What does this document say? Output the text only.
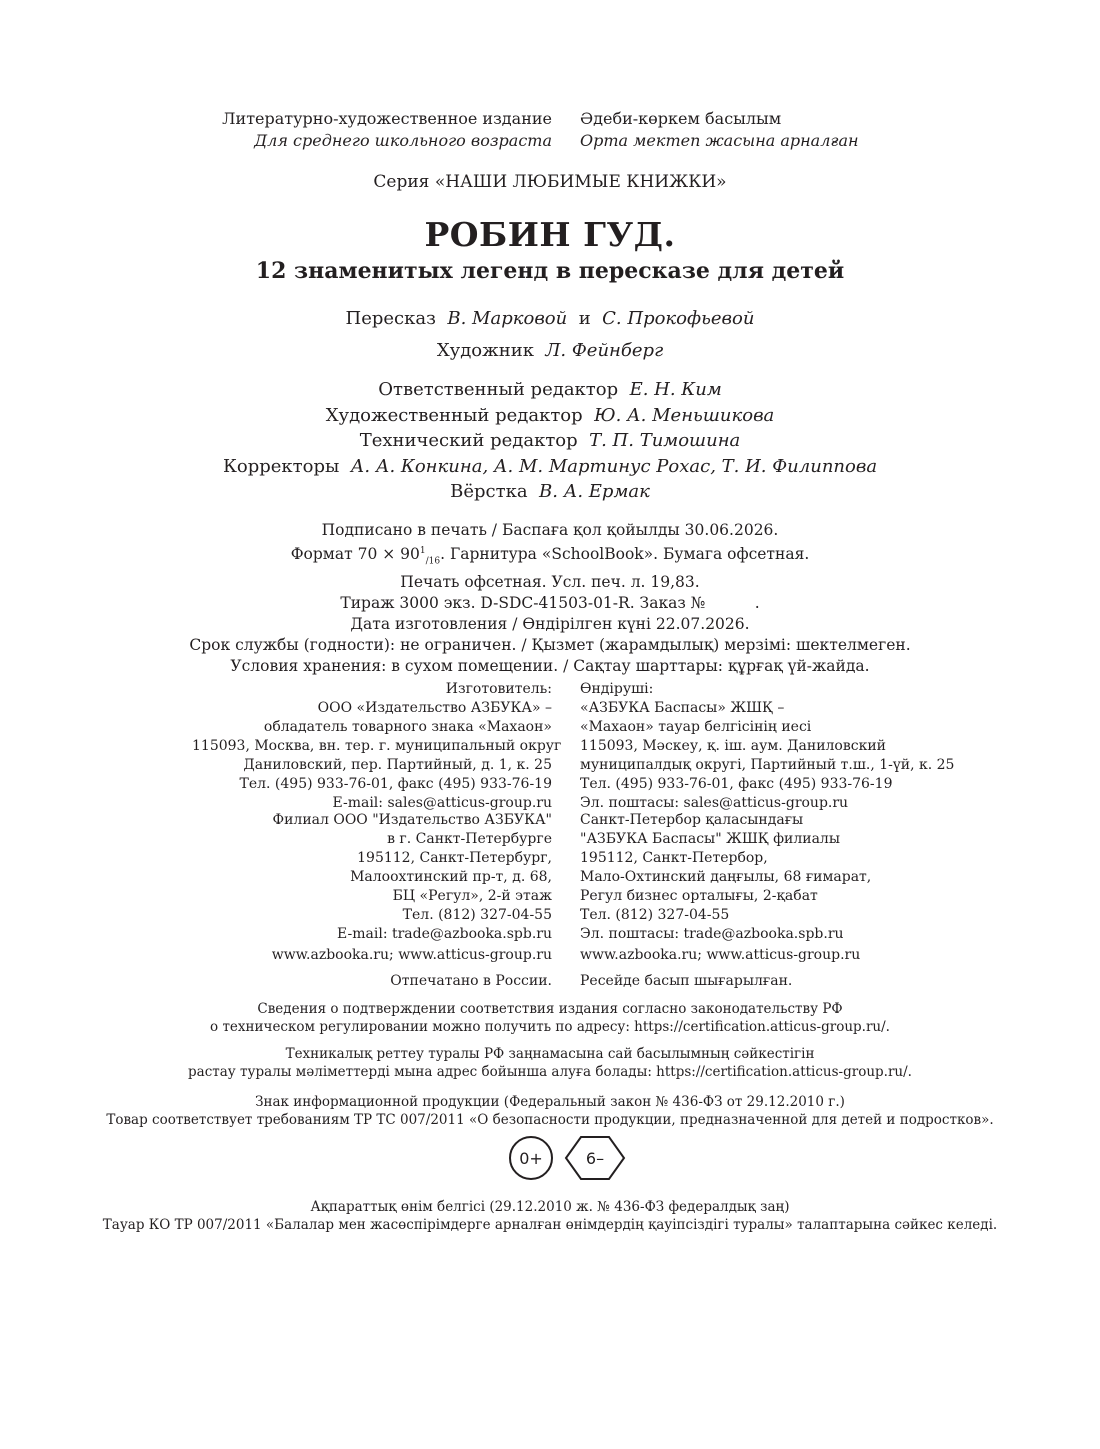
Литературно-художественное издание
Для среднего школьного возраста
Әдеби-көркем басылым
Орта мектеп жасына арналған
Серия «НАШИ ЛЮБИМЫЕ КНИЖКИ»
РОБИН ГУД.
12 знаменитых легенд в пересказе для детей
Пересказ В. Марковой и С. Прокофьевой
Художник Л. Фейнберг
Ответственный редактор Е. Н. Ким
Художественный редактор Ю. А. Меньшикова
Технический редактор Т. П. Тимошина
Корректоры А. А. Конкина, А. М. Мартинус Рохас, Т. И. Филиппова
Вёрстка В. А. Ермак
Подписано в печать / Баспаға қол қойылды 30.06.2026.
Формат $70 \times 90^1_{/16}$. Гарнитура «SchoolBook». Бумага офсетная.
Печать офсетная. Усл. печ. л. 19,83.
Тираж 3000 экз. D-SDC-41503-01-R. Заказ №          .
Дата изготовления / Өндірілген күні 22.07.2026.
Срок службы (годности): не ограничен. / Қызмет (жарамдылық) мерзімі: шектелмеген.
Условия хранения: в сухом помещении. / Сақтау шарттары: құрғақ үй-жайда.
Изготовитель:
ООО «Издательство АЗБУКА» –
обладатель товарного знака «Махаон»
115093, Москва, вн. тер. г. муниципальный округ
Даниловский, пер. Партийный, д. 1, к. 25
Тел. (495) 933-76-01, факс (495) 933-76-19
E-mail: sales@atticus-group.ru
Өндіруші:
«АЗБУКА Баспасы» ЖШҚ –
«Махаон» тауар белгісінің иесі
115093, Мәскеу, қ. іш. аум. Даниловский
муниципалдық округі, Партийный т.ш., 1-үй, к. 25
Тел. (495) 933-76-01, факс (495) 933-76-19
Эл. поштасы: sales@atticus-group.ru
Филиал ООО "Издательство АЗБУКА"
в г. Санкт-Петербурге
195112, Санкт-Петербург,
Малоохтинский пр-т, д. 68,
БЦ «Регул», 2-й этаж
Тел. (812) 327-04-55
E-mail: trade@azbooka.spb.ru
Санкт-Петербор қаласындағы
"АЗБУКА Баспасы" ЖШҚ филиалы
195112, Санкт-Петербор,
Мало-Охтинский даңғылы, 68 ғимарат,
Регул бизнес орталығы, 2-қабат
Тел. (812) 327-04-55
Эл. поштасы: trade@azbooka.spb.ru
www.azbooka.ru; www.atticus-group.ru www.azbooka.ru; www.atticus-group.ru
Отпечатано в России. Ресейде басып шығарылған.
Сведения о подтверждении соответствия издания согласно законодательству РФ
о техническом регулировании можно получить по адресу: https://certification.atticus-group.ru/.
Техникалық реттеу туралы РФ заңнамасына сай басылымның сәйкестігін
растау туралы мәліметтерді мына адрес бойынша алуға болады: https://certification.atticus-group.ru/.
Знак информационной продукции (Федеральный закон № 436-ФЗ от 29.12.2010 г.)
Товар соответствует требованиям ТР ТС 007/2011 «О безопасности продукции, предназначенной для детей и подростков».
0+	6–
Ақпараттық өнім белгісі (29.12.2010 ж. № 436-ФЗ федералдық заң)
Тауар КО ТР 007/2011 «Балалар мен жасөспірімдерге арналған өнімдердің қауіпсіздігі туралы» талаптарына сәйкес келеді.
